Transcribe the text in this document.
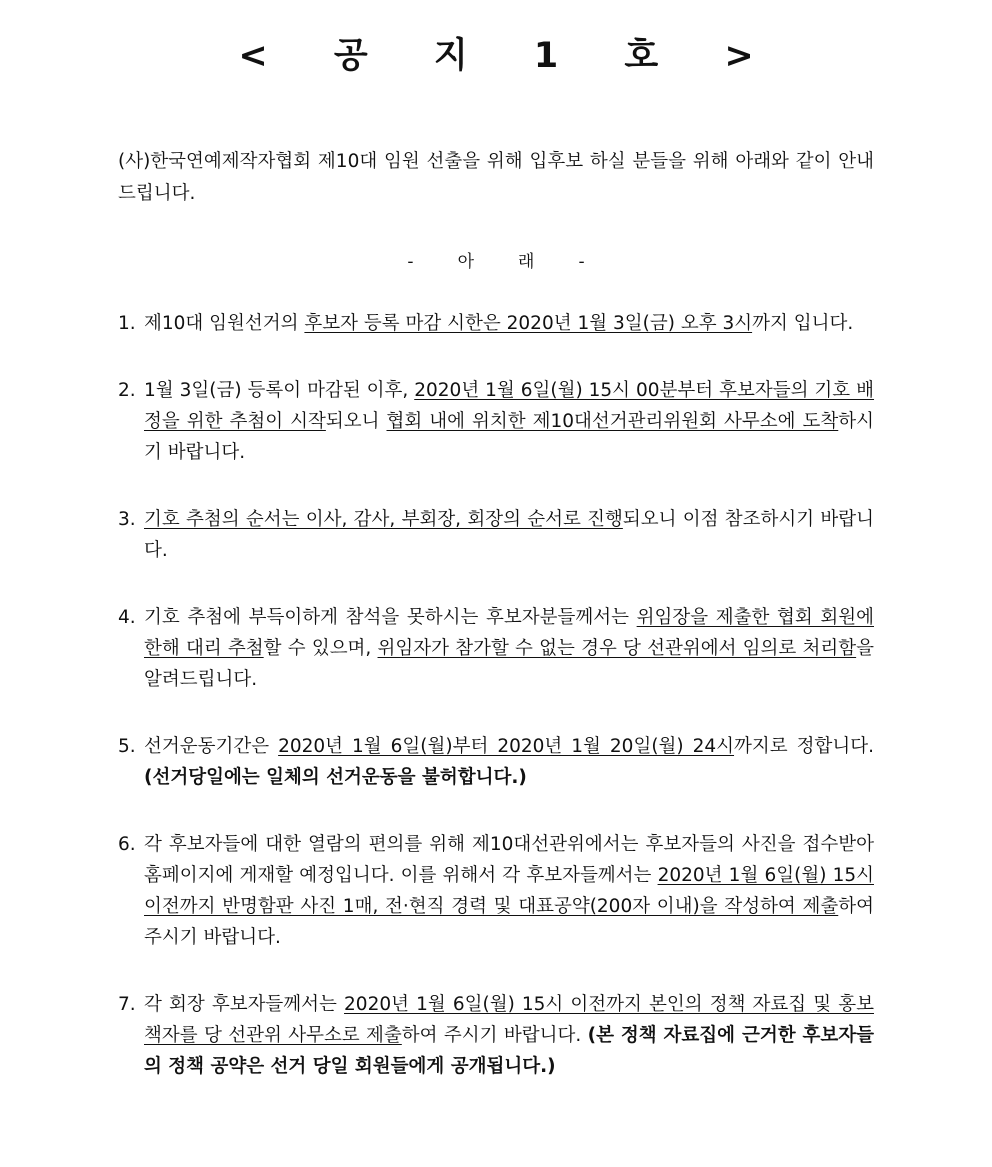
< 공 지 1 호 >
(사)한국연예제작자협회 제10대 임원 선출을 위해 입후보 하실 분들을 위해 아래와 같이 안내드립니다.
-	아	래	-
1. 제10대 임원선거의 후보자 등록 마감 시한은 2020년 1월 3일(금) 오후 3시까지 입니다.
2. 1월 3일(금) 등록이 마감된 이후, 2020년 1월 6일(월) 15시 00분부터 후보자들의 기호 배정을 위한 추첨이 시작되오니 협회 내에 위치한 제10대선거관리위원회 사무소에 도착하시기 바랍니다.
3. 기호 추첨의 순서는 이사, 감사, 부회장, 회장의 순서로 진행되오니 이점 참조하시기 바랍니다.
4. 기호 추첨에 부득이하게 참석을 못하시는 후보자분들께서는 위임장을 제출한 협회 회원에 한해 대리 추첨할 수 있으며, 위임자가 참가할 수 없는 경우 당 선관위에서 임의로 처리함을 알려드립니다.
5. 선거운동기간은 2020년 1월 6일(월)부터 2020년 1월 20일(월) 24시까지로 정합니다. (선거당일에는 일체의 선거운동을 불허합니다.)
6. 각 후보자들에 대한 열람의 편의를 위해 제10대선관위에서는 후보자들의 사진을 접수받아 홈페이지에 게재할 예정입니다. 이를 위해서 각 후보자들께서는 2020년 1월 6일(월) 15시 이전까지 반명함판 사진 1매, 전·현직 경력 및 대표공약(200자 이내)을 작성하여 제출하여 주시기 바랍니다.
7. 각 회장 후보자들께서는 2020년 1월 6일(월) 15시 이전까지 본인의 정책 자료집 및 홍보책자를 당 선관위 사무소로 제출하여 주시기 바랍니다. (본 정책 자료집에 근거한 후보자들의 정책 공약은 선거 당일 회원들에게 공개됩니다.)
